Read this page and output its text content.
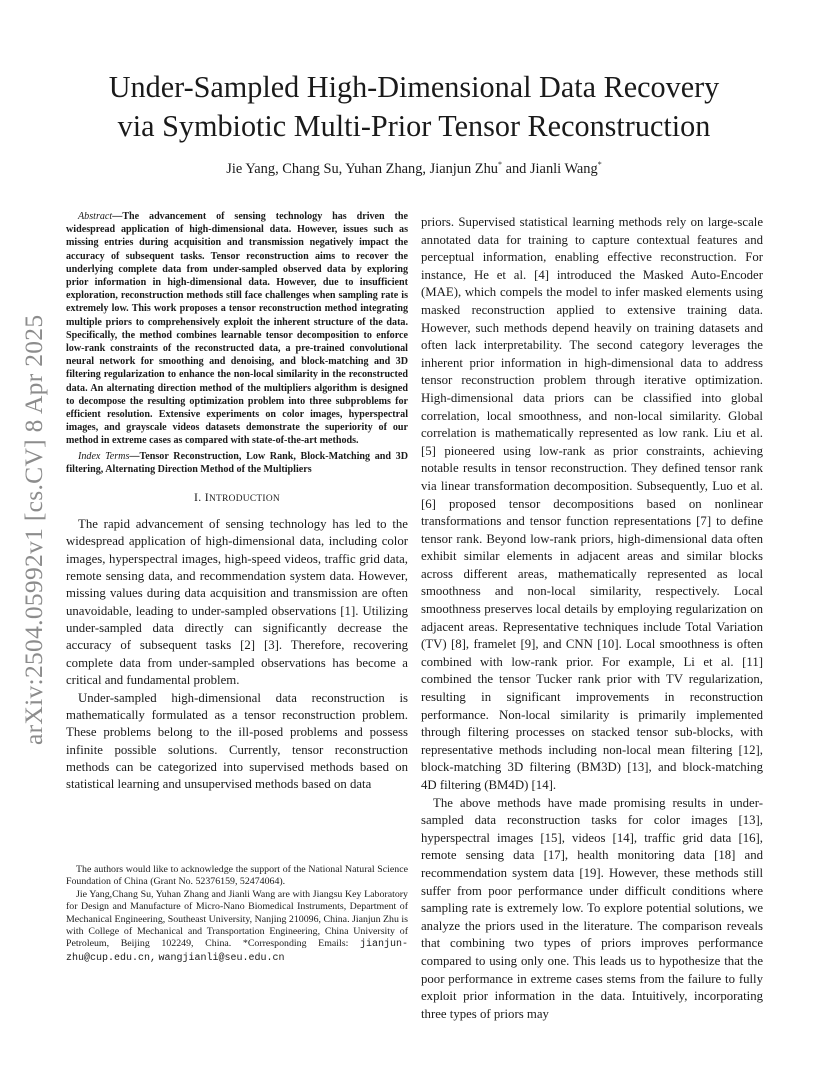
arXiv:2504.05992v1 [cs.CV] 8 Apr 2025
Under-Sampled High-Dimensional Data Recovery
via Symbiotic Multi-Prior Tensor Reconstruction
Jie Yang, Chang Su, Yuhan Zhang, Jianjun Zhu* and Jianli Wang*
Abstract—The advancement of sensing technology has driven the widespread application of high-dimensional data. However, issues such as missing entries during acquisition and transmission negatively impact the accuracy of subsequent tasks. Tensor reconstruction aims to recover the underlying complete data from under-sampled observed data by exploring prior information in high-dimensional data. However, due to insufficient exploration, reconstruction methods still face challenges when sampling rate is extremely low. This work proposes a tensor reconstruction method integrating multiple priors to comprehensively exploit the inherent structure of the data. Specifically, the method combines learnable tensor decomposition to enforce low-rank constraints of the reconstructed data, a pre-trained convolutional neural network for smoothing and denoising, and block-matching and 3D filtering regularization to enhance the non-local similarity in the reconstructed data. An alternating direction method of the multipliers algorithm is designed to decompose the resulting optimization problem into three subproblems for efficient resolution. Extensive experiments on color images, hyperspectral images, and grayscale videos datasets demonstrate the superiority of our method in extreme cases as compared with state-of-the-art methods.
Index Terms—Tensor Reconstruction, Low Rank, Block-Matching and 3D filtering, Alternating Direction Method of the Multipliers
I. INTRODUCTION

The rapid advancement of sensing technology has led to the widespread application of high-dimensional data, including color images, hyperspectral images, high-speed videos, traffic grid data, remote sensing data, and recommendation system data. However, missing values during data acquisition and transmission are often unavoidable, leading to under-sampled observations [1]. Utilizing under-sampled data directly can significantly decrease the accuracy of subsequent tasks [2] [3]. Therefore, recovering complete data from under-sampled observations has become a critical and fundamental problem.

Under-sampled high-dimensional data reconstruction is mathematically formulated as a tensor reconstruction problem. These problems belong to the ill-posed problems and possess infinite possible solutions. Currently, tensor reconstruction methods can be categorized into supervised methods based on statistical learning and unsupervised methods based on data

The authors would like to acknowledge the support of the National Natural Science Foundation of China (Grant No. 52376159, 52474064).

Jie Yang,Chang Su, Yuhan Zhang and Jianli Wang are with Jiangsu Key Laboratory for Design and Manufacture of Micro-Nano Biomedical Instruments, Department of Mechanical Engineering, Southeast University, Nanjing 210096, China. Jianjun Zhu is with College of Mechanical and Transportation Engineering, China University of Petroleum, Beijing 102249, China. *Corresponding Emails: jianjun-zhu@cup.edu.cn, wangjianli@seu.edu.cn

priors. Supervised statistical learning methods rely on large-scale annotated data for training to capture contextual features and perceptual information, enabling effective reconstruction. For instance, He et al. [4] introduced the Masked Auto-Encoder (MAE), which compels the model to infer masked elements using masked reconstruction applied to extensive training data. However, such methods depend heavily on training datasets and often lack interpretability. The second category leverages the inherent prior information in high-dimensional data to address tensor reconstruction problem through iterative optimization. High-dimensional data priors can be classified into global correlation, local smoothness, and non-local similarity. Global correlation is mathematically represented as low rank. Liu et al. [5] pioneered using low-rank as prior constraints, achieving notable results in tensor reconstruction. They defined tensor rank via linear transformation decomposition. Subsequently, Luo et al. [6] proposed tensor decompositions based on nonlinear transformations and tensor function representations [7] to define tensor rank. Beyond low-rank priors, high-dimensional data often exhibit similar elements in adjacent areas and similar blocks across different areas, mathematically represented as local smoothness and non-local similarity, respectively. Local smoothness preserves local details by employing regularization on adjacent areas. Representative techniques include Total Variation (TV) [8], framelet [9], and CNN [10]. Local smoothness is often combined with low-rank prior. For example, Li et al. [11] combined the tensor Tucker rank prior with TV regularization, resulting in significant improvements in reconstruction performance. Non-local similarity is primarily implemented through filtering processes on stacked tensor sub-blocks, with representative methods including non-local mean filtering [12], block-matching 3D filtering (BM3D) [13], and block-matching 4D filtering (BM4D) [14].

The above methods have made promising results in under-sampled data reconstruction tasks for color images [13], hyperspectral images [15], videos [14], traffic grid data [16], remote sensing data [17], health monitoring data [18] and recommendation system data [19]. However, these methods still suffer from poor performance under difficult conditions where sampling rate is extremely low. To explore potential solutions, we analyze the priors used in the literature. The comparison reveals that combining two types of priors improves performance compared to using only one. This leads us to hypothesize that the poor performance in extreme cases stems from the failure to fully exploit prior information in the data. Intuitively, incorporating three types of priors may
